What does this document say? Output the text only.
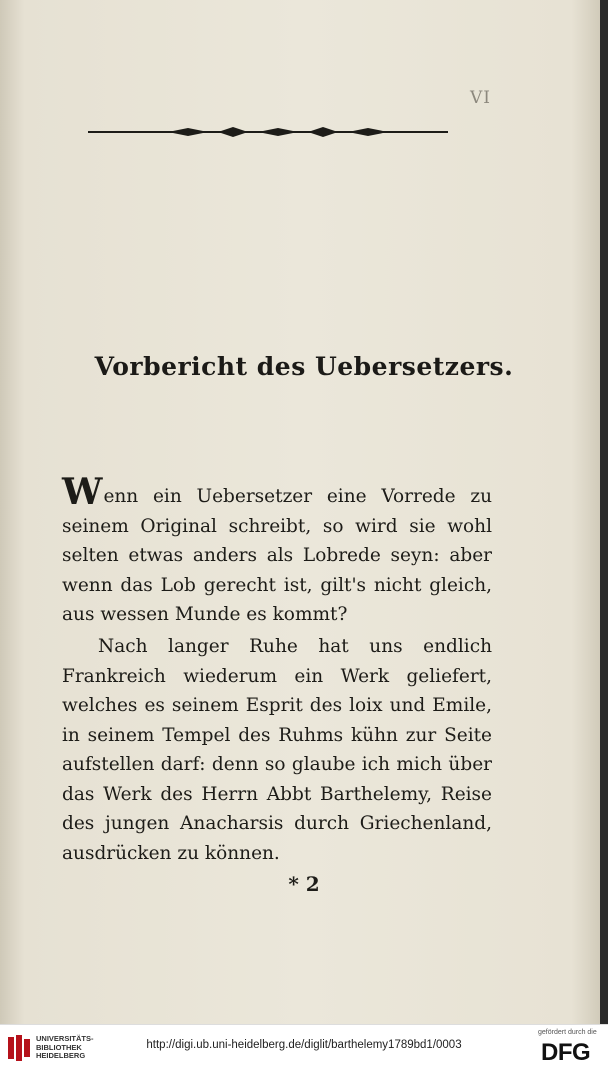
VI
Vorbericht des Uebersetzers.
Wenn ein Uebersetzer eine Vorrede zu seinem Original schreibt, so wird sie wohl selten etwas anders als Lobrede seyn: aber wenn das Lob gerecht ist, gilt's nicht gleich, aus wessen Munde es kommt?
Nach langer Ruhe hat uns endlich Frankreich wiederum ein Werk geliefert, welches es seinem Esprit des loix und Emile, in seinem Tempel des Ruhms kühn zur Seite aufstellen darf: denn so glaube ich mich über das Werk des Herrn Abbt Barthelemy, Reise des jungen Anacharsis durch Griechenland, ausdrücken zu können.
* 2
UNIVERSITÄTS-
BIBLIOTHEK
HEIDELBERG
http://digi.ub.uni-heidelberg.de/diglit/barthelemy1789bd1/0003
gefördert durch die
DFG
